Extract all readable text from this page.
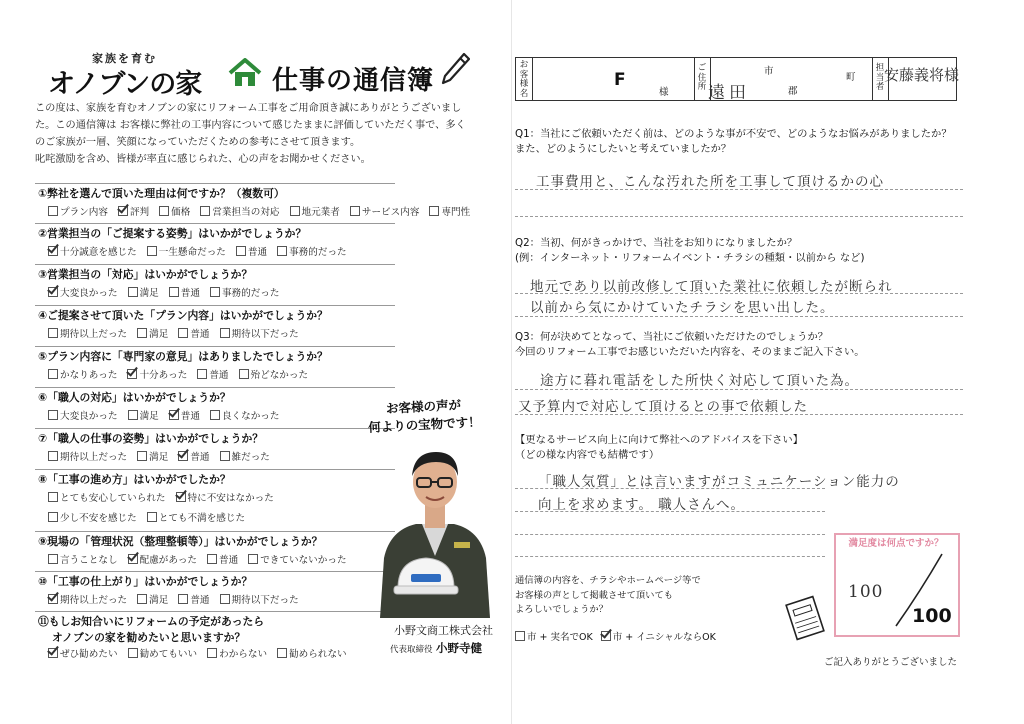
家族を育む
オノブンの家	仕事の通信簿

この度は、家族を育むオノブンの家にリフォーム工事をご用命頂き誠にありがとうございまし

た。この通信簿は お客様に弊社の工事内容について感じたままに評価していただく事で、多く

のご家族が一層、笑顔になっていただくための参考にさせて頂きます。

叱咤激励を含め、皆様が率直に感じられた、心の声をお聞かせください。

①弊社を選んで頂いた理由は何ですか？（複数可）
プラン内容 評判 価格 営業担当の対応 地元業者 サービス内容 専門性
②営業担当の「ご提案する姿勢」はいかがでしょうか？
十分誠意を感じた 一生懸命だった 普通 事務的だった
③営業担当の「対応」はいかがでしょうか？
大変良かった 満足 普通 事務的だった
④ご提案させて頂いた「プラン内容」はいかがでしょうか？
期待以上だった 満足 普通 期待以下だった
⑤プラン内容に「専門家の意見」はありましたでしょうか？
かなりあった 十分あった 普通 殆どなかった
⑥「職人の対応」はいかがでしょうか？
大変良かった 満足 普通 良くなかった
⑦「職人の仕事の姿勢」はいかがでしょうか？
期待以上だった 満足 普通 雑だった
⑧「工事の進め方」はいかがでしたか？
とても安心していられた 特に不安はなかった
少し不安を感じた とても不満を感じた
⑨現場の「管理状況（整理整頓等）」はいかがでしょうか？
言うことなし 配慮があった 普通 できていないかった
⑩「工事の仕上がり」はいかがでしょうか？
期待以上だった 満足 普通 期待以下だった
⑪もしお知合いにリフォームの予定があったら
オノブンの家を勧めたいと思いますか？
ぜひ勧めたい 勧めてもいい わからない 勧められない
お客様の声が
何よりの宝物です！
小野文商工株式会社
代表取締役 小野寺健
お客様名
ご住所
担当者
F
様
市
町
郡
遠田
安藤義将様
Q1：当社にご依頼いただく前は、どのような事が不安で、どのようなお悩みがありましたか？
また、どのようにしたいと考えていましたか？
工事費用と、こんな汚れた所を工事して頂けるかの心
Q2：当初、何がきっかけで、当社をお知りになりましたか？
(例：インターネット・リフォームイベント・チラシの種類・以前から など)
地元であり以前改修して頂いた業社に依頼したが断られ
以前から気にかけていたチラシを思い出した。
Q3：何が決めてとなって、当社にご依頼いただけたのでしょうか？
今回のリフォーム工事でお感じいただいた内容を、そのままご記入下さい。
途方に暮れ電話をした所快く対応して頂いた為。
又予算内で対応して頂けるとの事で依頼した
【更なるサービス向上に向けて弊社へのアドバイスを下さい】
（どの様な内容でも結構です）
「職人気質」とは言いますがコミュニケーション能力の
向上を求めます。 職人さんへ。
満足度は何点ですか？
100
100

通信簿の内容を、チラシやホームページ等で

お客様の声として掲載させて頂いても

よろしいでしょうか？

市 + 実名でOK 市 + イニシャルならOK
ご記入ありがとうございました
